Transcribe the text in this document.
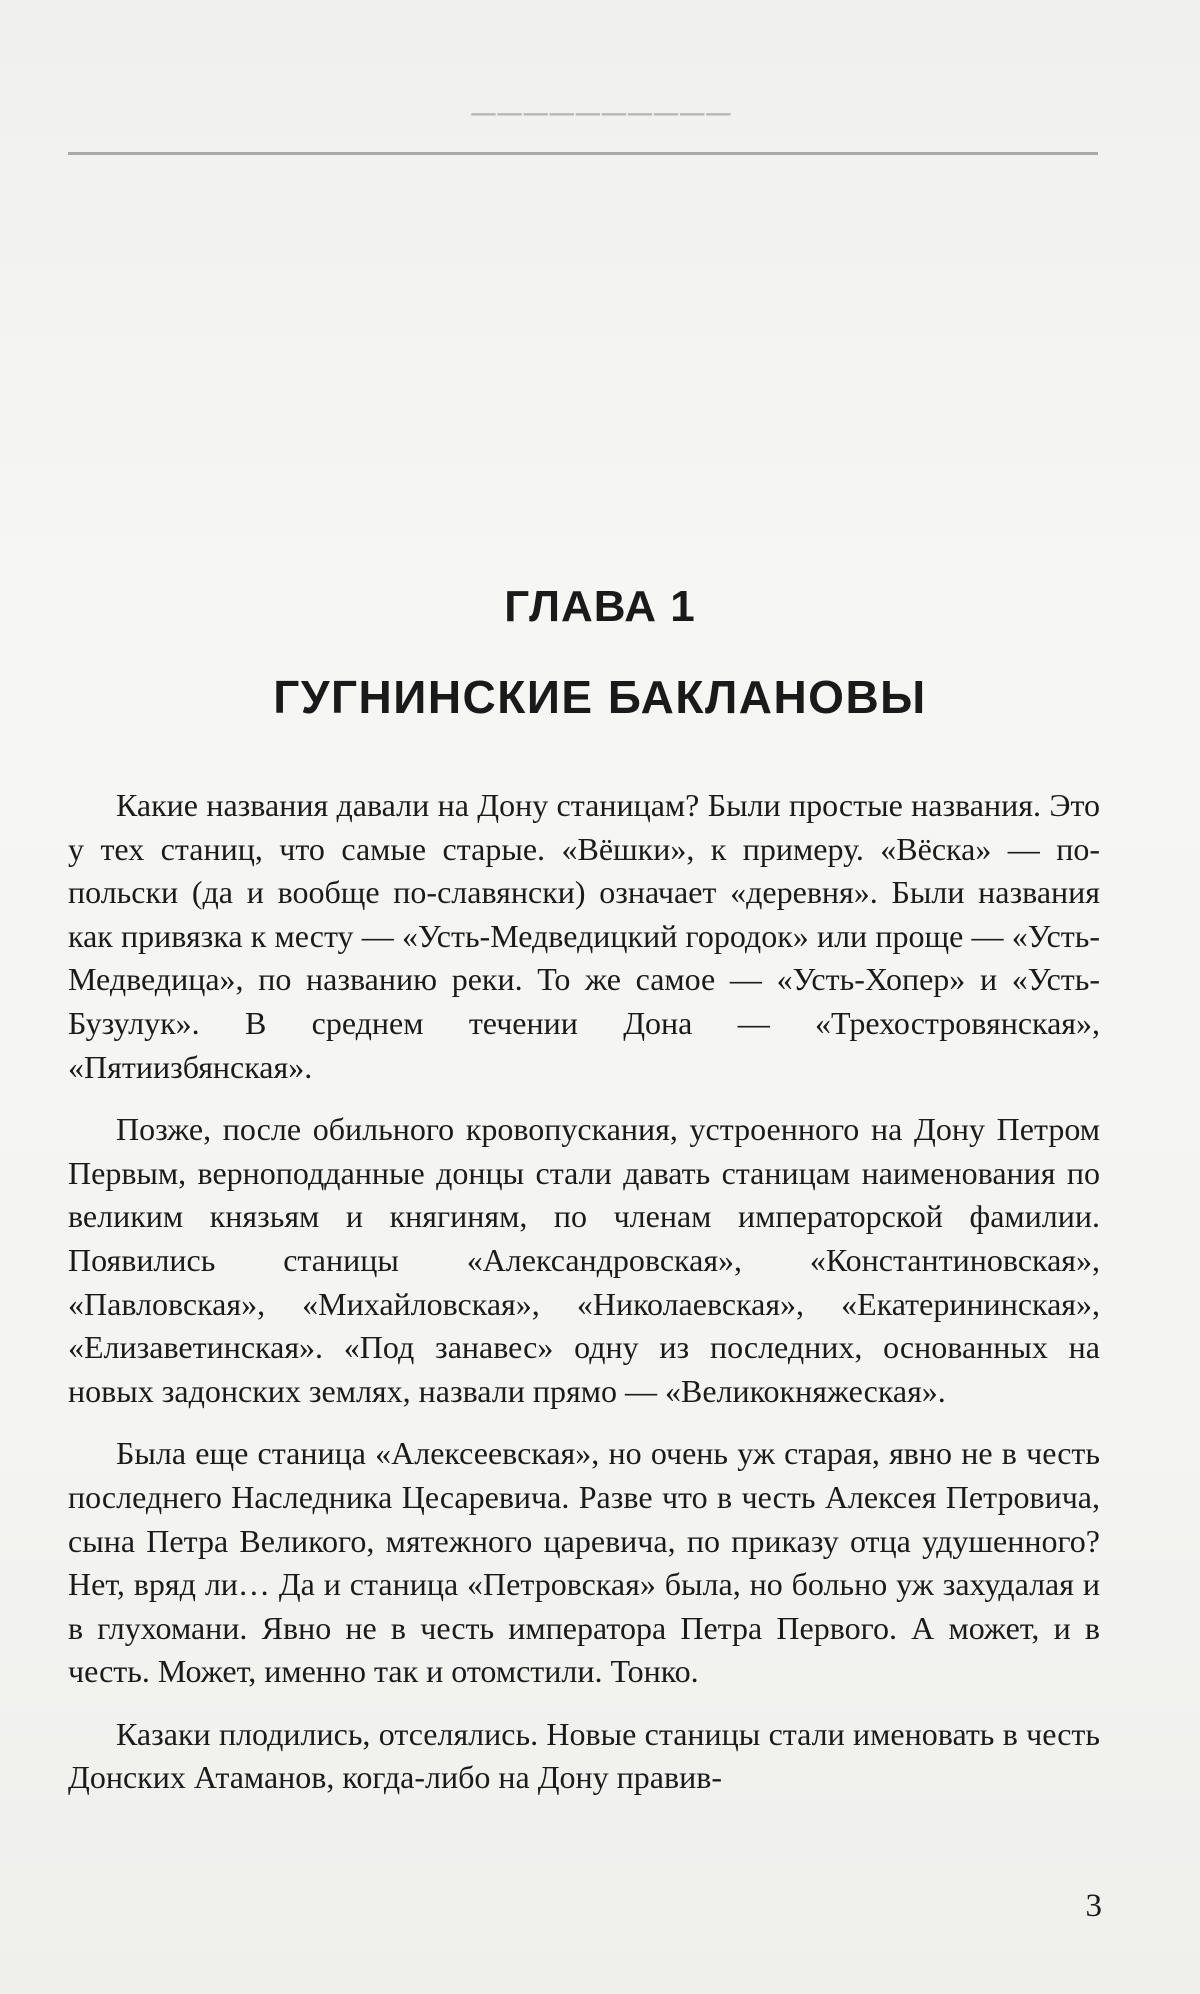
──────────
ГЛАВА 1
ГУГНИНСКИЕ БАКЛАНОВЫ

Какие названия давали на Дону станицам? Были простые названия. Это у тех станиц, что самые старые. «Вёшки», к примеру. «Вёска» — по-польски (да и вообще по-славянски) означает «деревня». Были названия как привязка к месту — «Усть-Медведицкий городок» или проще — «Усть-Медведица», по названию реки. То же самое — «Усть-Хопер» и «Усть-Бузулук». В среднем течении Дона — «Трехостровянская», «Пятиизбянская».

Позже, после обильного кровопускания, устроенного на Дону Петром Первым, верноподданные донцы стали давать станицам наименования по великим князьям и княгиням, по членам императорской фамилии. Появились станицы «Александровская», «Константиновская», «Павловская», «Михайловская», «Николаевская», «Екатерининская», «Елизаветинская». «Под занавес» одну из последних, основанных на новых задонских землях, назвали прямо — «Великокняжеская».

Была еще станица «Алексеевская», но очень уж старая, явно не в честь последнего Наследника Цесаревича. Разве что в честь Алексея Петровича, сына Петра Великого, мятежного царевича, по приказу отца удушенного? Нет, вряд ли… Да и станица «Петровская» была, но больно уж захудалая и в глухомани. Явно не в честь императора Петра Первого. А может, и в честь. Может, именно так и отомстили. Тонко.

Казаки плодились, отселялись. Новые станицы стали именовать в честь Донских Атаманов, когда-либо на Дону правив-

3
